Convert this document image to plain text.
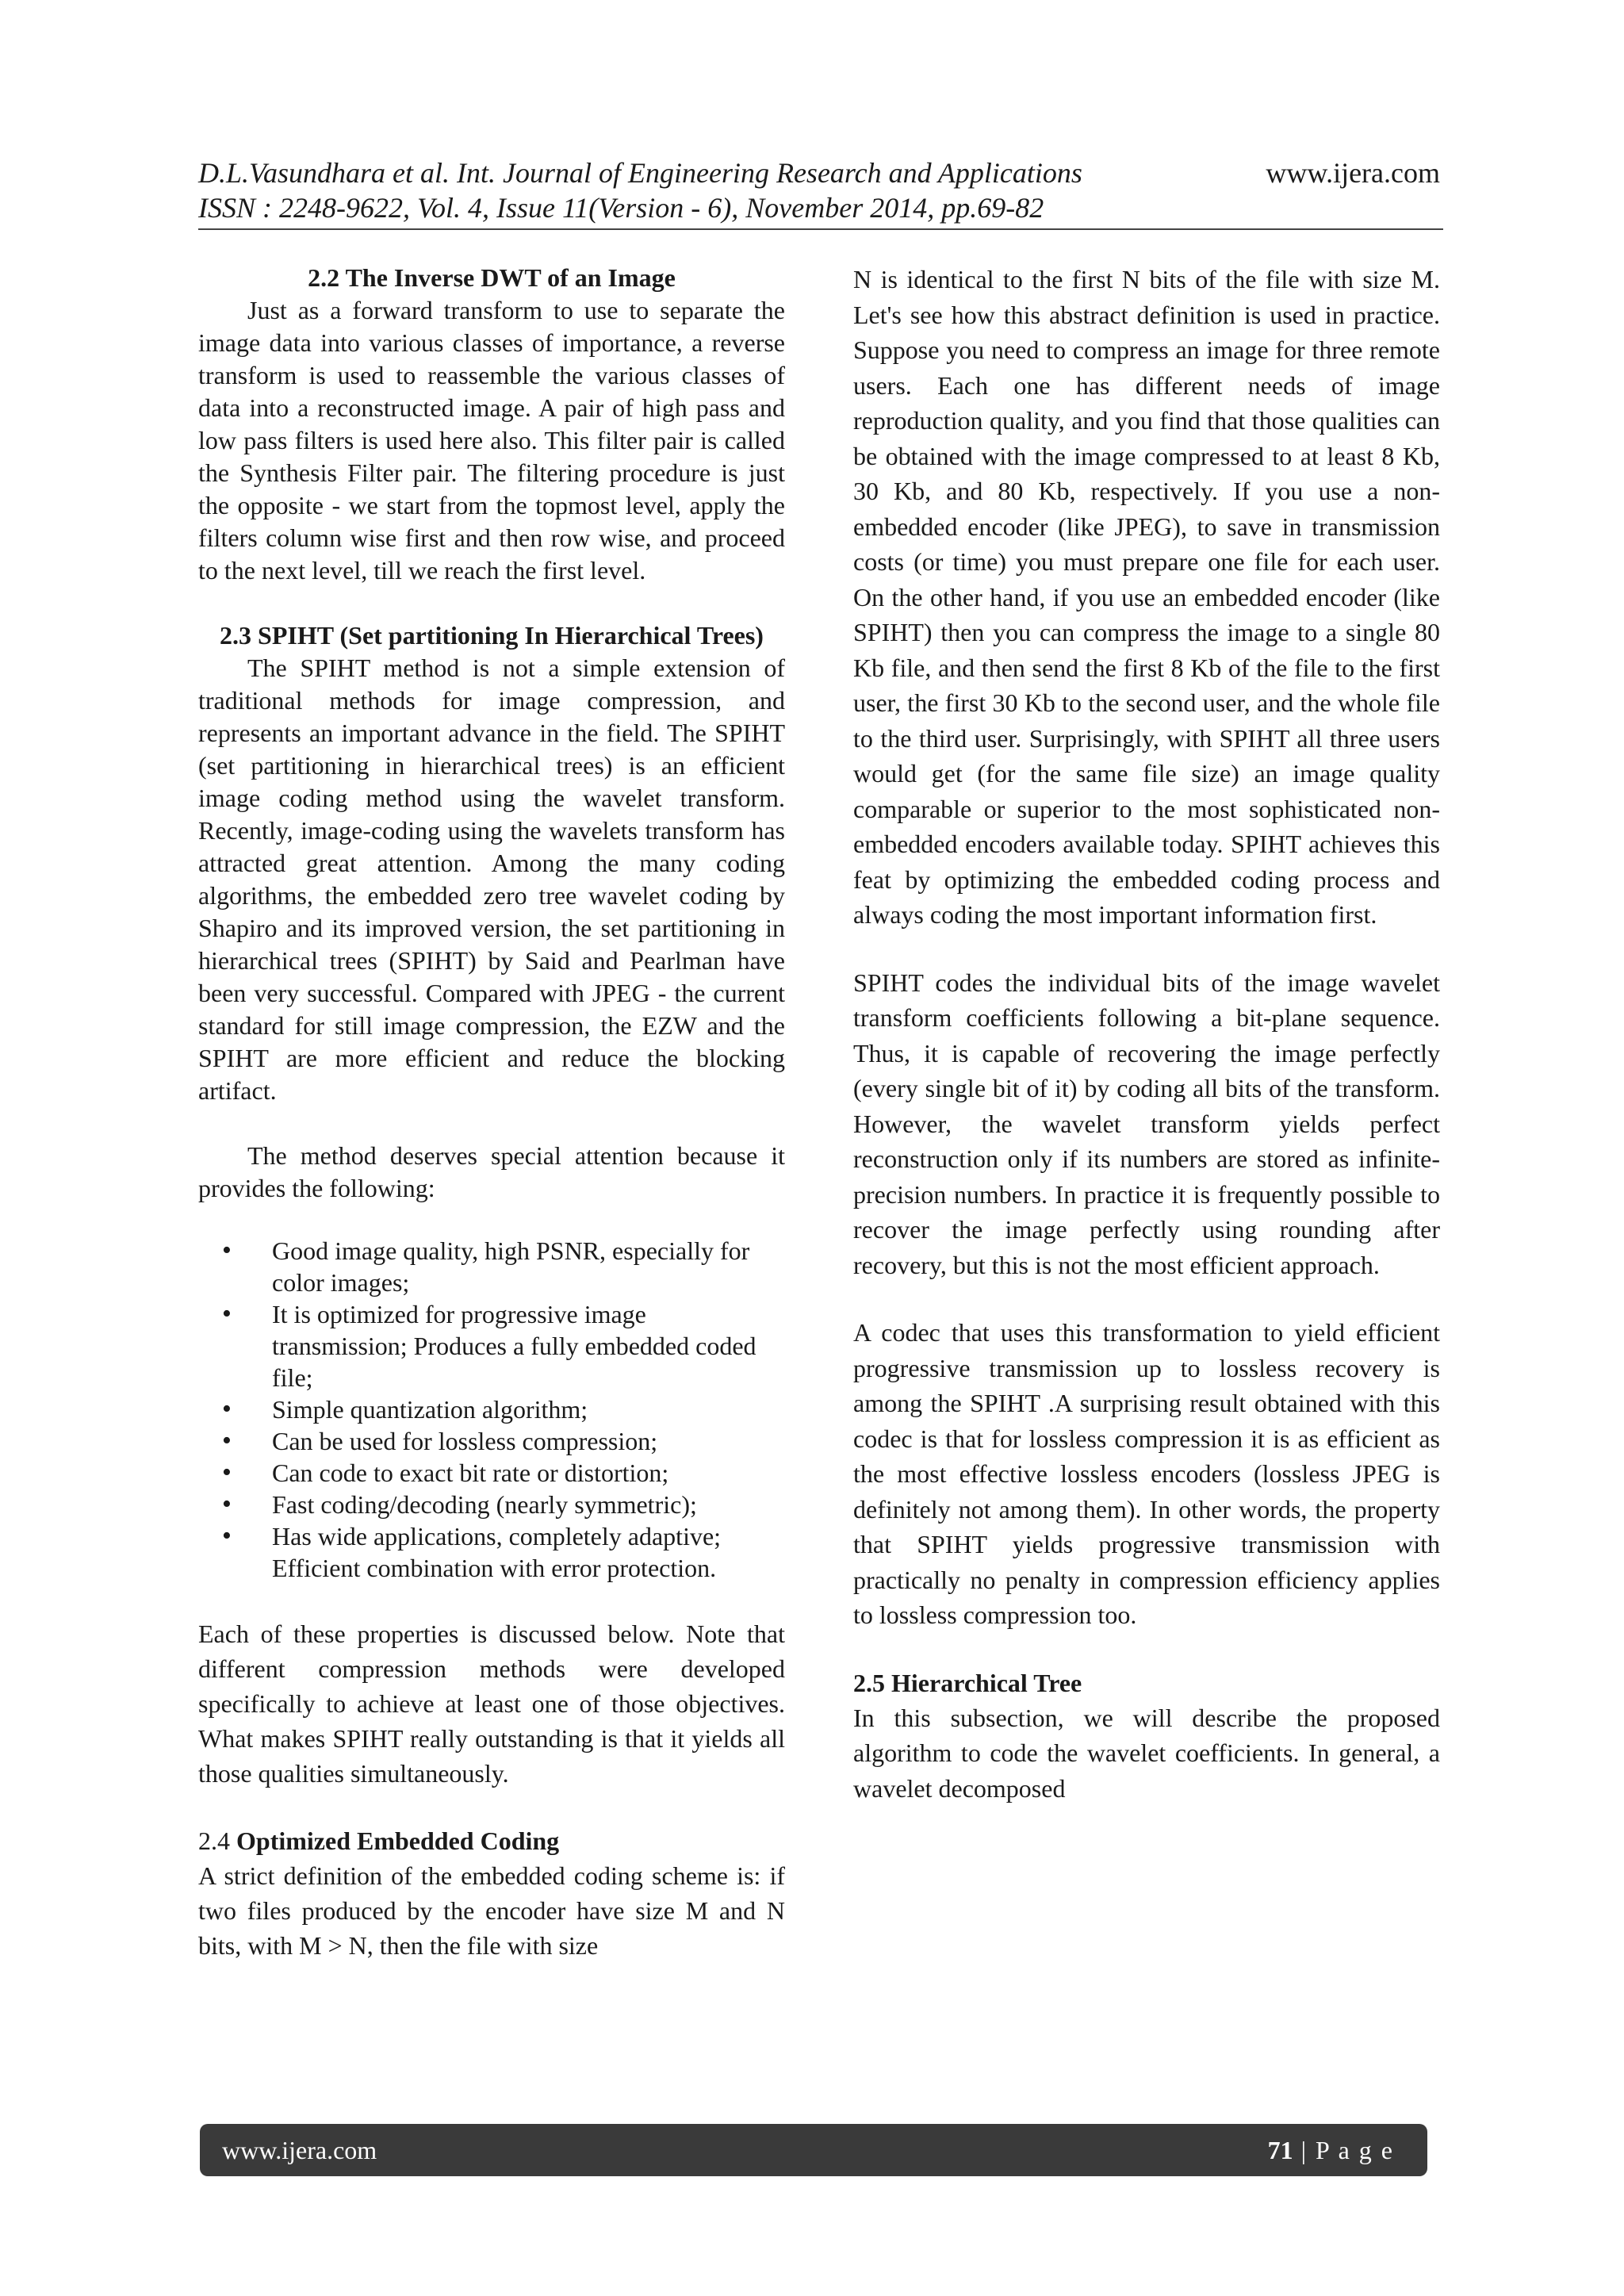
D.L.Vasundhara et al. Int. Journal of Engineering Research and Applications
ISSN : 2248-9622, Vol. 4, Issue 11(Version - 6), November 2014, pp.69-82
www.ijera.com
2.2 The Inverse DWT of an Image

Just as a forward transform to use to separate the image data into various classes of importance, a reverse transform is used to reassemble the various classes of data into a reconstructed image. A pair of high pass and low pass filters is used here also. This filter pair is called the Synthesis Filter pair. The filtering procedure is just the opposite - we start from the topmost level, apply the filters column wise first and then row wise, and proceed to the next level, till we reach the first level.

2.3 SPIHT (Set partitioning In Hierarchical Trees)

The SPIHT method is not a simple extension of traditional methods for image compression, and represents an important advance in the field. The SPIHT (set partitioning in hierarchical trees) is an efficient image coding method using the wavelet transform. Recently, image-coding using the wavelets transform has attracted great attention. Among the many coding algorithms, the embedded zero tree wavelet coding by Shapiro and its improved version, the set partitioning in hierarchical trees (SPIHT) by Said and Pearlman have been very successful. Compared with JPEG - the current standard for still image compression, the EZW and the SPIHT are more efficient and reduce the blocking artifact.

The method deserves special attention because it provides the following:

• Good image quality, high PSNR, especially for color images;
• It is optimized for progressive image transmission; Produces a fully embedded coded file;
• Simple quantization algorithm;
• Can be used for lossless compression;
• Can code to exact bit rate or distortion;
• Fast coding/decoding (nearly symmetric);
• Has wide applications, completely adaptive; Efficient combination with error protection.

Each of these properties is discussed below. Note that different compression methods were developed specifically to achieve at least one of those objectives. What makes SPIHT really outstanding is that it yields all those qualities simultaneously.

2.4 Optimized Embedded Coding

A strict definition of the embedded coding scheme is: if two files produced by the encoder have size M and N bits, with M > N, then the file with size

N is identical to the first N bits of the file with size M. Let's see how this abstract definition is used in practice. Suppose you need to compress an image for three remote users. Each one has different needs of image reproduction quality, and you find that those qualities can be obtained with the image compressed to at least 8 Kb, 30 Kb, and 80 Kb, respectively. If you use a non-embedded encoder (like JPEG), to save in transmission costs (or time) you must prepare one file for each user. On the other hand, if you use an embedded encoder (like SPIHT) then you can compress the image to a single 80 Kb file, and then send the first 8 Kb of the file to the first user, the first 30 Kb to the second user, and the whole file to the third user. Surprisingly, with SPIHT all three users would get (for the same file size) an image quality comparable or superior to the most sophisticated non-embedded encoders available today. SPIHT achieves this feat by optimizing the embedded coding process and always coding the most important information first.

SPIHT codes the individual bits of the image wavelet transform coefficients following a bit-plane sequence. Thus, it is capable of recovering the image perfectly (every single bit of it) by coding all bits of the transform. However, the wavelet transform yields perfect reconstruction only if its numbers are stored as infinite-precision numbers. In practice it is frequently possible to recover the image perfectly using rounding after recovery, but this is not the most efficient approach.

A codec that uses this transformation to yield efficient progressive transmission up to lossless recovery is among the SPIHT .A surprising result obtained with this codec is that for lossless compression it is as efficient as the most effective lossless encoders (lossless JPEG is definitely not among them). In other words, the property that SPIHT yields progressive transmission with practically no penalty in compression efficiency applies to lossless compression too.

2.5 Hierarchical Tree

In this subsection, we will describe the proposed algorithm to code the wavelet coefficients. In general, a wavelet decomposed

www.ijera.com	71 | P a g e
